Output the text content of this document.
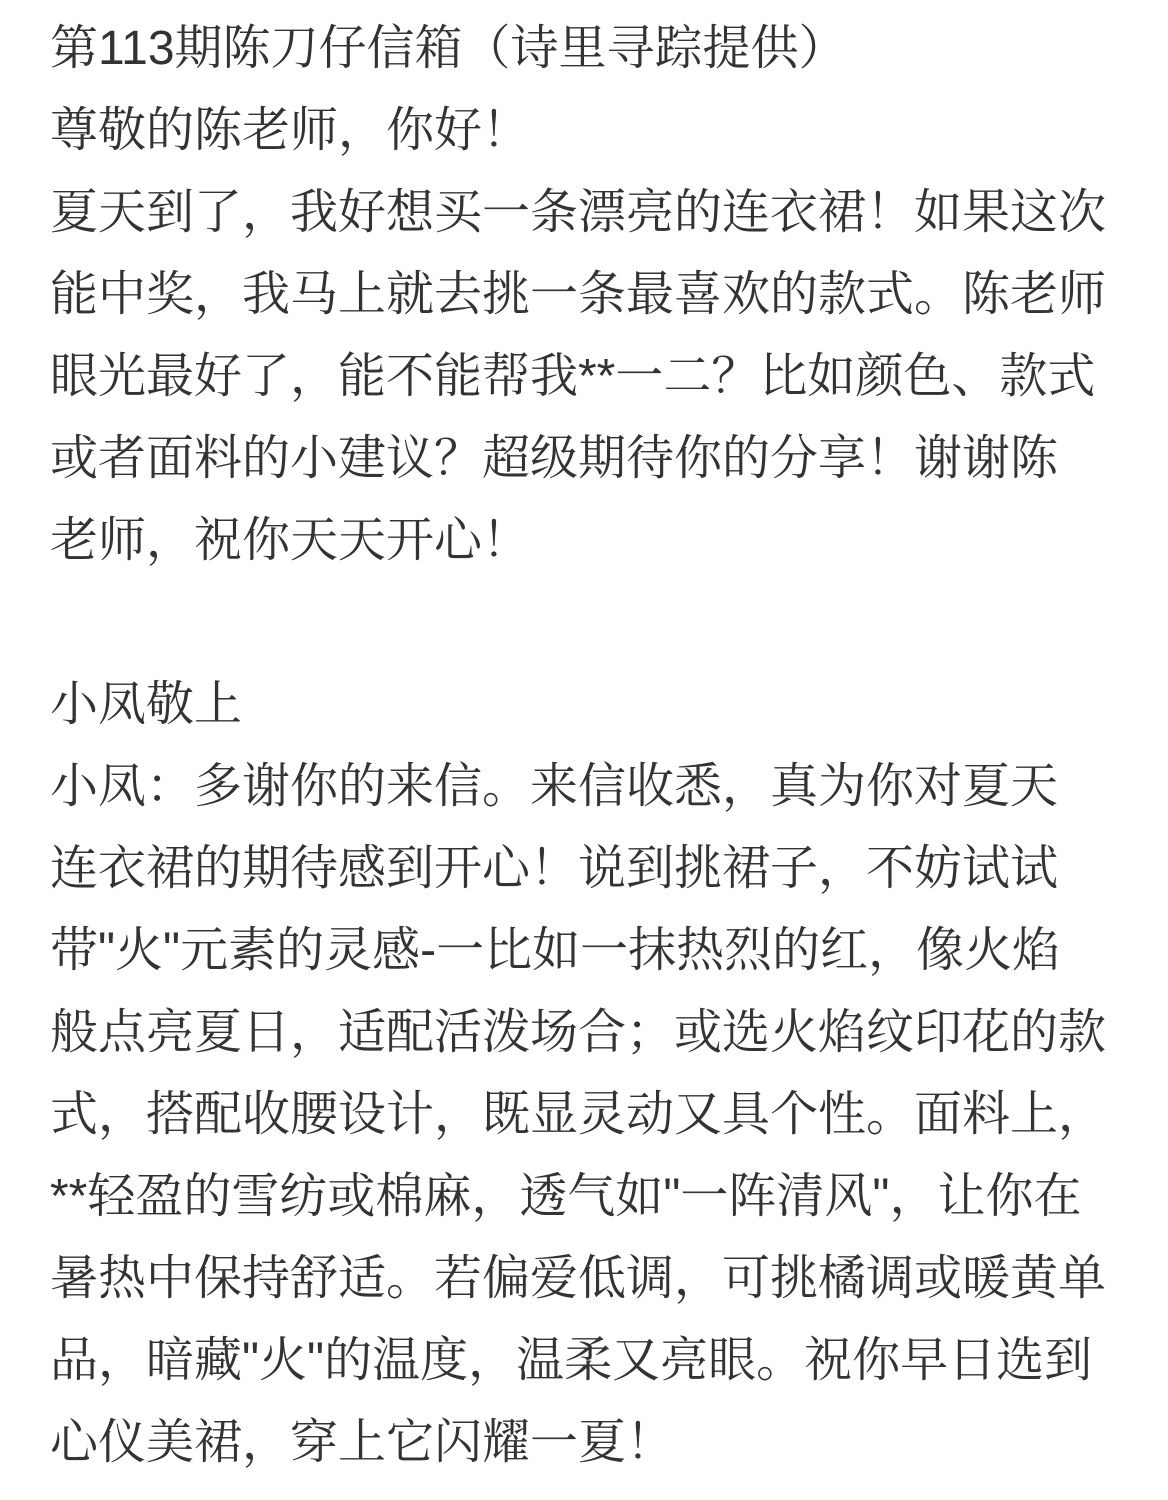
第113期陈刀仔信箱（诗里寻踪提供）
尊敬的陈老师，你好！
夏天到了，我好想买一条漂亮的连衣裙！如果这次
能中奖，我马上就去挑一条最喜欢的款式。陈老师
眼光最好了，能不能帮我**一二？比如颜色、款式
或者面料的小建议？超级期待你的分享！谢谢陈
老师，祝你天天开心！
小凤敬上
小凤：多谢你的来信。来信收悉，真为你对夏天
连衣裙的期待感到开心！说到挑裙子，不妨试试
带"火"元素的灵感-一比如一抹热烈的红，像火焰
般点亮夏日，适配活泼场合；或选火焰纹印花的款
式，搭配收腰设计，既显灵动又具个性。面料上，
**轻盈的雪纺或棉麻，透气如"一阵清风"，让你在
暑热中保持舒适。若偏爱低调，可挑橘调或暖黄单
品，暗藏"火"的温度，温柔又亮眼。祝你早日选到
心仪美裙，穿上它闪耀一夏！
